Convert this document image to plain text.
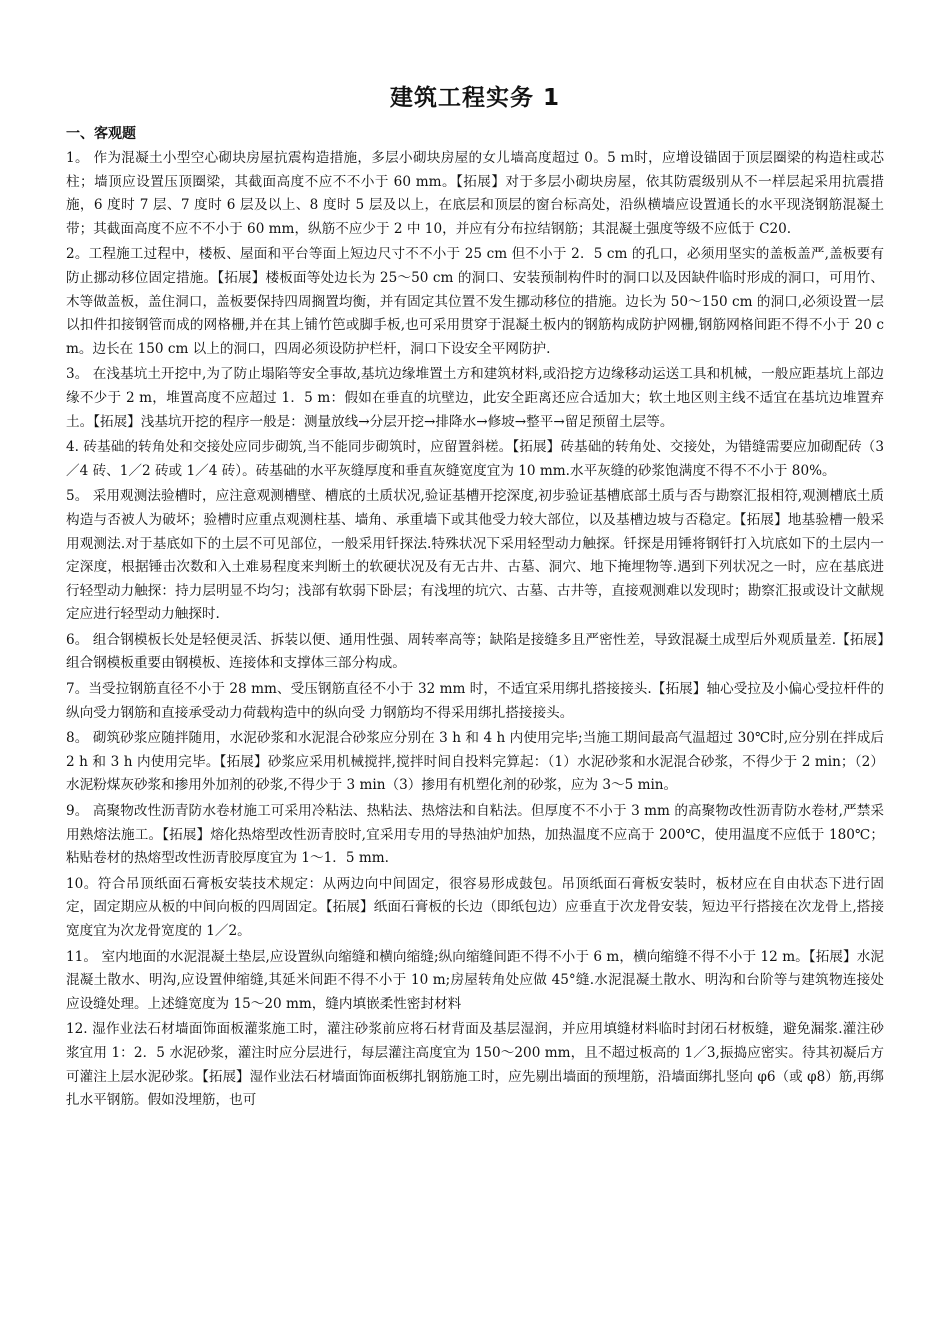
建筑工程实务 1
一、客观题

1。 作为混凝土小型空心砌块房屋抗震构造措施，多层小砌块房屋的女儿墙高度超过 0。5 ｍ时，应增设锚固于顶层圈梁的构造柱或芯柱；墙顶应设置压顶圈梁，其截面高度不应不不小于 60 mm。【拓展】对于多层小砌块房屋，依其防震级别从不一样层起采用抗震措施，6 度时 7 层、7 度时 6 层及以上、8 度时 5 层及以上，在底层和顶层的窗台标高处，沿纵横墙应设置通长的水平现浇钢筋混凝土带；其截面高度不应不不小于 60 mm，纵筋不应少于 2 中 10，并应有分布拉结钢筋；其混凝土强度等级不应低于 C20.

2。工程施工过程中，楼板、屋面和平台等面上短边尺寸不不小于 25 cm 但不小于 2．5 cm 的孔口，必须用坚实的盖板盖严,盖板要有防止挪动移位固定措施。【拓展】楼板面等处边长为 25～50 cm 的洞口、安装预制构件时的洞口以及因缺件临时形成的洞口，可用竹、木等做盖板，盖住洞口，盖板要保持四周搁置均衡，并有固定其位置不发生挪动移位的措施。边长为 50～150 cm 的洞口,必须设置一层以扣件扣接钢管而成的网格栅,并在其上铺竹笆或脚手板,也可采用贯穿于混凝土板内的钢筋构成防护网栅,钢筋网格间距不得不小于 20 cm。边长在 150 cm 以上的洞口，四周必须设防护栏杆，洞口下设安全平网防护.

3。 在浅基坑土开挖中,为了防止塌陷等安全事故,基坑边缘堆置土方和建筑材料,或沿挖方边缘移动运送工具和机械，一般应距基坑上部边缘不少于 2 m，堆置高度不应超过 1．5 m：假如在垂直的坑壁边，此安全距离还应合适加大；软土地区则主线不适宜在基坑边堆置弃土。【拓展】浅基坑开挖的程序一般是：测量放线→分层开挖→排降水→修坡→整平→留足预留土层等。

4. 砖基础的转角处和交接处应同步砌筑,当不能同步砌筑时，应留置斜槎。【拓展】砖基础的转角处、交接处，为错缝需要应加砌配砖（3／4 砖、1／2 砖或 1／4 砖）。砖基础的水平灰缝厚度和垂直灰缝宽度宜为 10 mm.水平灰缝的砂浆饱满度不得不不小于 80%。

5。 采用观测法验槽时，应注意观测槽壁、槽底的土质状况,验证基槽开挖深度,初步验证基槽底部土质与否与勘察汇报相符,观测槽底土质构造与否被人为破坏；验槽时应重点观测柱基、墙角、承重墙下或其他受力较大部位，以及基槽边坡与否稳定。【拓展】地基验槽一般采用观测法.对于基底如下的土层不可见部位，一般采用钎探法.特殊状况下采用轻型动力触探。钎探是用锤将钢钎打入坑底如下的土层内一定深度，根据锤击次数和入土难易程度来判断土的软硬状况及有无古井、古墓、洞穴、地下掩埋物等.遇到下列状况之一时，应在基底进行轻型动力触探：持力层明显不均匀；浅部有软弱下卧层；有浅埋的坑穴、古墓、古井等，直接观测难以发现时；勘察汇报或设计文献规定应进行轻型动力触探时.

6。 组合钢模板长处是轻便灵活、拆装以便、通用性强、周转率高等；缺陷是接缝多且严密性差，导致混凝土成型后外观质量差.【拓展】组合钢模板重要由钢模板、连接体和支撑体三部分构成。

7。当受拉钢筋直径不小于 28 mm、受压钢筋直径不小于 32 mm 时，不适宜采用绑扎搭接接头.【拓展】轴心受拉及小偏心受拉杆件的纵向受力钢筋和直接承受动力荷载构造中的纵向受 力钢筋均不得采用绑扎搭接接头。

8。 砌筑砂浆应随拌随用，水泥砂浆和水泥混合砂浆应分别在 3 h 和 4 h 内使用完毕;当施工期间最高气温超过 30℃时,应分别在拌成后 2 h 和 3 h 内使用完毕。【拓展】砂浆应采用机械搅拌,搅拌时间自投料完算起：（1）水泥砂浆和水泥混合砂浆，不得少于 2 min；（2）水泥粉煤灰砂浆和掺用外加剂的砂浆,不得少于 3 min（3）掺用有机塑化剂的砂浆，应为 3～5 min。

9。 高聚物改性沥青防水卷材施工可采用冷粘法、热粘法、热熔法和自粘法。但厚度不不小于 3 mm 的高聚物改性沥青防水卷材,严禁采用熟熔法施工。【拓展】熔化热熔型改性沥青胶时,宜采用专用的导热油炉加热，加热温度不应高于 200℃，使用温度不应低于 180℃；粘贴卷材的热熔型改性沥青胶厚度宜为 1～1．5 mm.

10。符合吊顶纸面石膏板安装技术规定：从两边向中间固定，很容易形成鼓包。吊顶纸面石膏板安装时，板材应在自由状态下进行固定，固定期应从板的中间向板的四周固定。【拓展】纸面石膏板的长边（即纸包边）应垂直于次龙骨安装，短边平行搭接在次龙骨上,搭接宽度宜为次龙骨宽度的 1／2。

11。 室内地面的水泥混凝土垫层,应设置纵向缩缝和横向缩缝;纵向缩缝间距不得不小于 6 m，横向缩缝不得不小于 12 m。【拓展】水泥混凝土散水、明沟,应设置伸缩缝,其延米间距不得不小于 10 m;房屋转角处应做 45°缝.水泥混凝土散水、明沟和台阶等与建筑物连接处应设缝处理。上述缝宽度为 15～20 mm，缝内填嵌柔性密封材料

12. 湿作业法石材墙面饰面板灌浆施工时，灌注砂浆前应将石材背面及基层湿润，并应用填缝材料临时封闭石材板缝，避免漏浆.灌注砂浆宜用 1：2．5 水泥砂浆，灌注时应分层进行，每层灌注高度宜为 150～200 mm，且不超过板高的 1／3,振捣应密实。待其初凝后方可灌注上层水泥砂浆。【拓展】湿作业法石材墙面饰面板绑扎钢筋施工时，应先剔出墙面的预埋筋，沿墙面绑扎竖向 φ6（或 φ8）筋,再绑扎水平钢筋。假如没埋筋，也可
